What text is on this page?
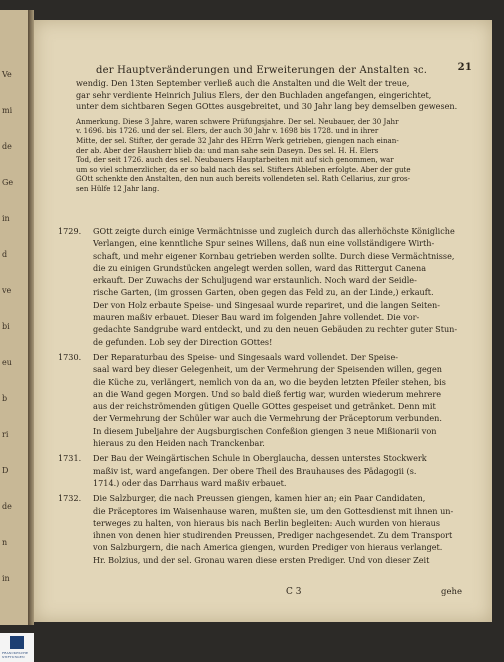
Ve
mi
de
Ge
in
d
ve
bi
eu
b
ri
D
de
n
in
der Hauptveränderungen und Erweiterungen der Anstalten ꝛc.	21
wendig. Den 13ten September verließ auch die Anstalten und die Welt der treue,
gar sehr verdiente Heinrich Julius Elers, der den Buchladen angefangen, eingerichtet,
unter dem sichtbaren Segen GOttes ausgebreitet, und 30 Jahr lang bey demselben gewesen.
Anmerkung. Diese 3 Jahre, waren schwere Prüfungsjahre. Der sel. Neubauer, der 30 Jahr
v. 1696. bis 1726. und der sel. Elers, der auch 30 Jahr v. 1698 bis 1728. und in ihrer
Mitte, der sel. Stifter, der gerade 32 Jahr des HErrn Werk getrieben, giengen nach einan-
der ab. Aber der Hausherr blieb da: und man sahe sein Daseyn. Des sel. H. H. Elers
Tod, der seit 1726. auch des sel. Neubauers Hauptarbeiten mit auf sich genommen, war
um so viel schmerzlicher, da er so bald nach des sel. Stifters Ableben erfolgte. Aber der gute
GOtt schenkte den Anstalten, den nun auch bereits vollendeten sel. Rath Cellarius, zur gros-
sen Hülfe 12 Jahr lang.
1729. GOtt zeigte durch einige Vermächtnisse und zugleich durch das allerhöchste Königliche
Verlangen, eine kenntliche Spur seines Willens, daß nun eine vollständigere Wirth-
schaft, und mehr eigener Kornbau getrieben werden sollte. Durch diese Vermächtnisse,
die zu einigen Grundstücken angelegt werden sollen, ward das Rittergut Canena
erkauft. Der Zuwachs der Schuljugend war erstaunlich. Noch ward der Seidle-
rische Garten, (im grossen Garten, oben gegen das Feld zu, an der Linde,) erkauft.
Der von Holz erbaute Speise- und Singesaal wurde repariret, und die langen Seiten-
mauren maßiv erbauet. Dieser Bau ward im folgenden Jahre vollendet. Die vor-
gedachte Sandgrube ward entdeckt, und zu den neuen Gebäuden zu rechter guter Stun-
de gefunden. Lob sey der Direction GOttes!
1730. Der Reparaturbau des Speise- und Singesaals ward vollendet. Der Speise-
saal ward bey dieser Gelegenheit, um der Vermehrung der Speisenden willen, gegen
die Küche zu, verlängert, nemlich von da an, wo die beyden letzten Pfeiler stehen, bis
an die Wand gegen Morgen. Und so bald dieß fertig war, wurden wiederum mehrere
aus der reichströmenden gütigen Quelle GOttes gespeiset und getränket. Denn mit
der Vermehrung der Schüler war auch die Vermehrung der Präceptorum verbunden.
In diesem Jubeljahre der Augsburgischen Confeßion giengen 3 neue Mißionarii von
hieraus zu den Heiden nach Tranckenbar.
1731. Der Bau der Weingärtischen Schule in Oberglaucha, dessen unterstes Stockwerk
maßiv ist, ward angefangen. Der obere Theil des Brauhauses des Pädagogii (s.
1714.) oder das Darrhaus ward maßiv erbauet.
1732. Die Salzburger, die nach Preussen giengen, kamen hier an; ein Paar Candidaten,
die Präceptores im Waisenhause waren, mußten sie, um den Gottesdienst mit ihnen un-
terweges zu halten, von hieraus bis nach Berlin begleiten: Auch wurden von hieraus
ihnen von denen hier studirenden Preussen, Prediger nachgesendet. Zu dem Transport
von Salzburgern, die nach America giengen, wurden Prediger von hieraus verlanget.
Hr. Bolzius, und der sel. Gronau waren diese ersten Prediger. Und von dieser Zeit
C 3	gehe
FRANCKESCHE
STIFTUNGEN
